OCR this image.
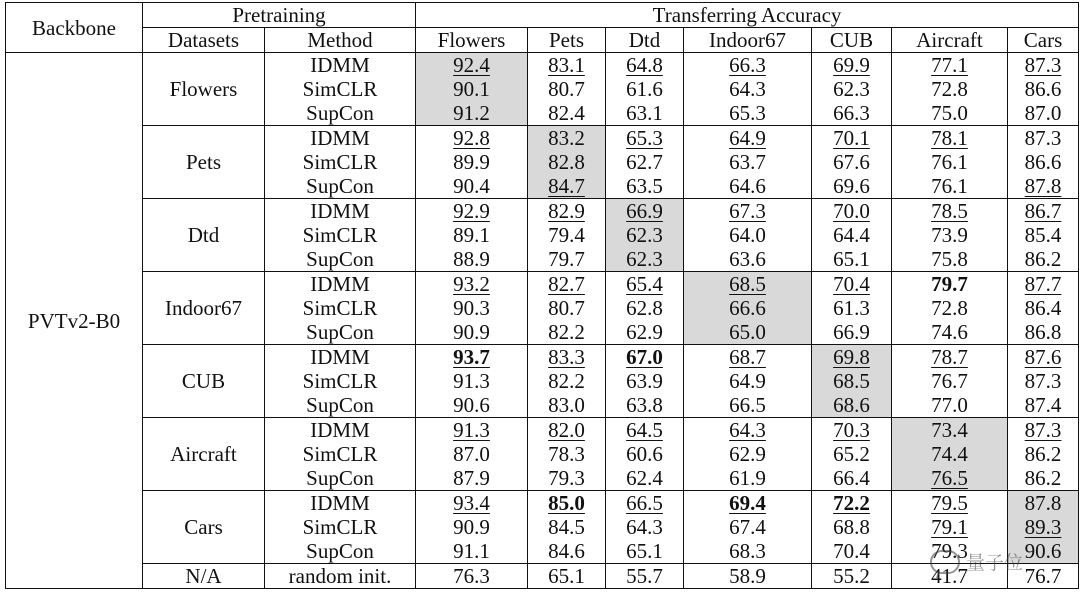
Backbone	Pretraining		Transferring Accuracy						
	Datasets	Method	Flowers	Pets	Dtd	Indoor67	CUB	Aircraft	Cars
PVTv2-B0	Flowers	IDMM	92.4	83.1	64.8	66.3	69.9	77.1	87.3
		SimCLR	90.1	80.7	61.6	64.3	62.3	72.8	86.6
		SupCon	91.2	82.4	63.1	65.3	66.3	75.0	87.0
	Pets	IDMM	92.8	83.2	65.3	64.9	70.1	78.1	87.3
		SimCLR	89.9	82.8	62.7	63.7	67.6	76.1	86.6
		SupCon	90.4	84.7	63.5	64.6	69.6	76.1	87.8
	Dtd	IDMM	92.9	82.9	66.9	67.3	70.0	78.5	86.7
		SimCLR	89.1	79.4	62.3	64.0	64.4	73.9	85.4
		SupCon	88.9	79.7	62.3	63.6	65.1	75.8	86.2
	Indoor67	IDMM	93.2	82.7	65.4	68.5	70.4	79.7	87.7
		SimCLR	90.3	80.7	62.8	66.6	61.3	72.8	86.4
		SupCon	90.9	82.2	62.9	65.0	66.9	74.6	86.8
	CUB	IDMM	93.7	83.3	67.0	68.7	69.8	78.7	87.6
		SimCLR	91.3	82.2	63.9	64.9	68.5	76.7	87.3
		SupCon	90.6	83.0	63.8	66.5	68.6	77.0	87.4
	Aircraft	IDMM	91.3	82.0	64.5	64.3	70.3	73.4	87.3
		SimCLR	87.0	78.3	60.6	62.9	65.2	74.4	86.2
		SupCon	87.9	79.3	62.4	61.9	66.4	76.5	86.2
	Cars	IDMM	93.4	85.0	66.5	69.4	72.2	79.5	87.8
		SimCLR	90.9	84.5	64.3	67.4	68.8	79.1	89.3
		SupCon	91.1	84.6	65.1	68.3	70.4	79.3	90.6
	N/A	random init.	76.3	65.1	55.7	58.9	55.2	41.7	76.7
量子位
